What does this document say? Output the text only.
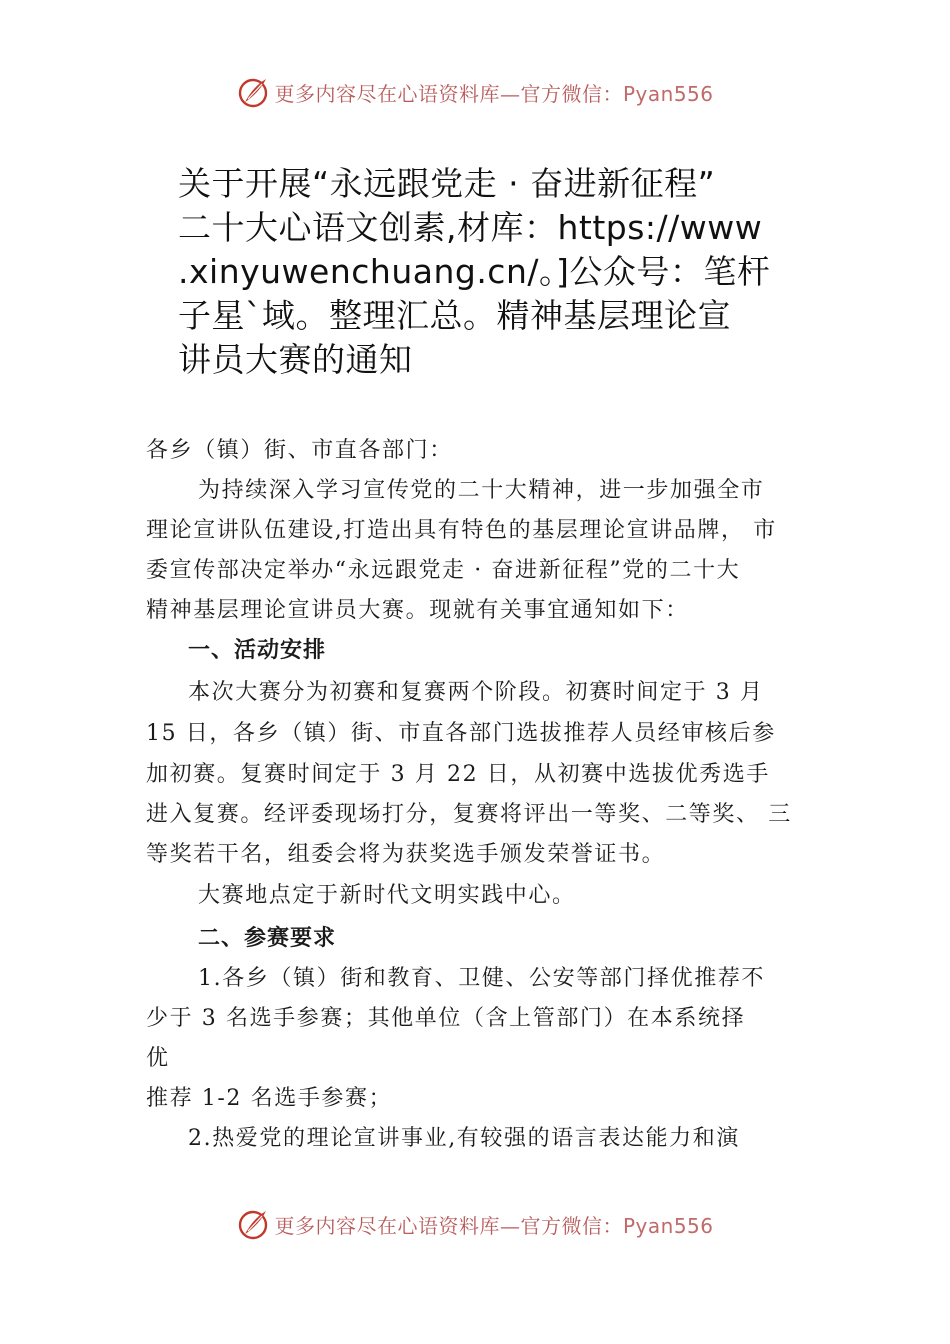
更多内容尽在心语资料库—官方微信：Pyan556
关于开展“永远跟党走 · 奋进新征程”
二十大心语文创素,材库：https://www
.xinyuwenchuang.cn/。]公众号：笔杆
子星`域。整理汇总。精神基层理论宣
讲员大赛的通知
各乡（镇）街、市直各部门：
为持续深入学习宣传党的二十大精神，进一步加强全市
理论宣讲队伍建设,打造出具有特色的基层理论宣讲品牌， 市
委宣传部决定举办“永远跟党走 · 奋进新征程”党的二十大
精神基层理论宣讲员大赛。现就有关事宜通知如下：
一、活动安排
本次大赛分为初赛和复赛两个阶段。初赛时间定于 3 月
15 日，各乡（镇）街、市直各部门选拔推荐人员经审核后参
加初赛。复赛时间定于 3 月 22 日，从初赛中选拔优秀选手
进入复赛。经评委现场打分，复赛将评出一等奖、二等奖、 三
等奖若干名，组委会将为获奖选手颁发荣誉证书。
大赛地点定于新时代文明实践中心。
二、参赛要求
1.各乡（镇）街和教育、卫健、公安等部门择优推荐不
少于 3 名选手参赛；其他单位（含上管部门）在本系统择
优
推荐 1-2 名选手参赛；
2.热爱党的理论宣讲事业,有较强的语言表达能力和演
更多内容尽在心语资料库—官方微信：Pyan556
